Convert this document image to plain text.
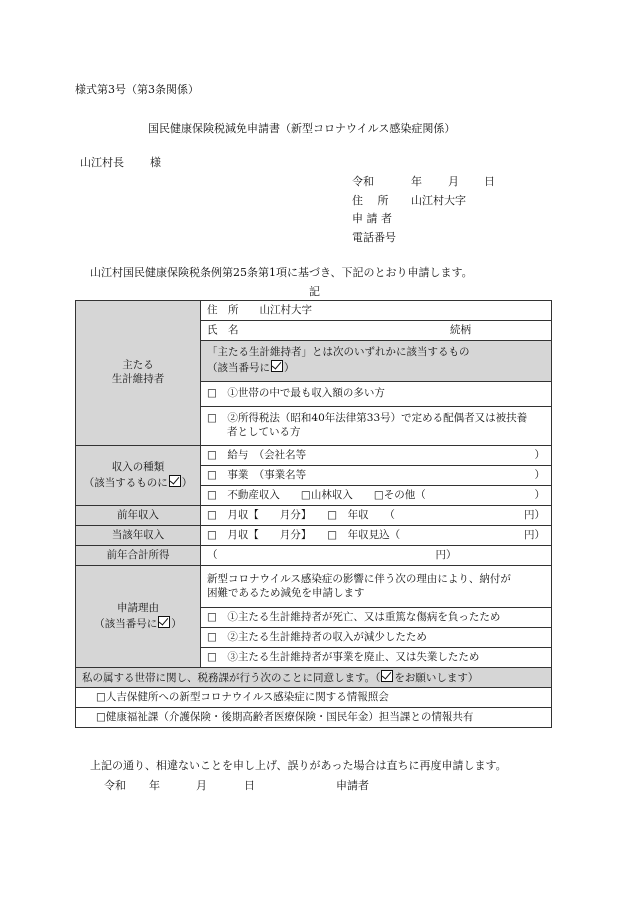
様式第3号（第3条関係）
国民健康保険税減免申請書（新型コロナウイルス感染症関係）
山江村長 様
令和	年 月 日
住　 所 山江村大字
申 請 者
電話番号
山江村国民健康保険税条例第25条第1項に基づき、下記のとおり申請します。
記
主たる
生計維持者	住　所　　 山江村大字

	氏　名 続柄

	「主たる生計維持者」とは次のいずれかに該当するもの
（該当番号に ）

	□　①世帯の中で最も収入額の多い方

	□　②所得税法（昭和40年法律第33号）で定める配偶者又は被扶養
者としている方

収入の種類
（該当するものに ）	□　給与　（会社名等 ）

	□　事業　（事業名等 ）

	□　不動産収入　　□山林収入　　□その他（ ）

前年収入	□　月収【　　月分】　　□　年収　　（ 円）

当該年収入	□　月収【　　月分】　　□　年収見込（ 円）

前年合計所得	（ 円）

申請理由
（該当番号に ）	新型コロナウイルス感染症の影響に伴う次の理由により、納付が
困難であるため減免を申請します

	□　①主たる生計維持者が死亡、又は重篤な傷病を負ったため
	□　②主たる生計維持者の収入が減少したため
	□　③主たる生計維持者が事業を廃止、又は失業したため
私の属する世帯に関し、税務課が行う次のことに同意します。（ をお願いします）	
□人吉保健所への新型コロナウイルス感染症に関する情報照会	
□健康福祉課（介護保険・後期高齢者医療保険・国民年金）担当課との情報共有	
上記の通り、相違ないことを申し上げ、誤りがあった場合は直ちに再度申請します。
令和 年	月	日	申請者
